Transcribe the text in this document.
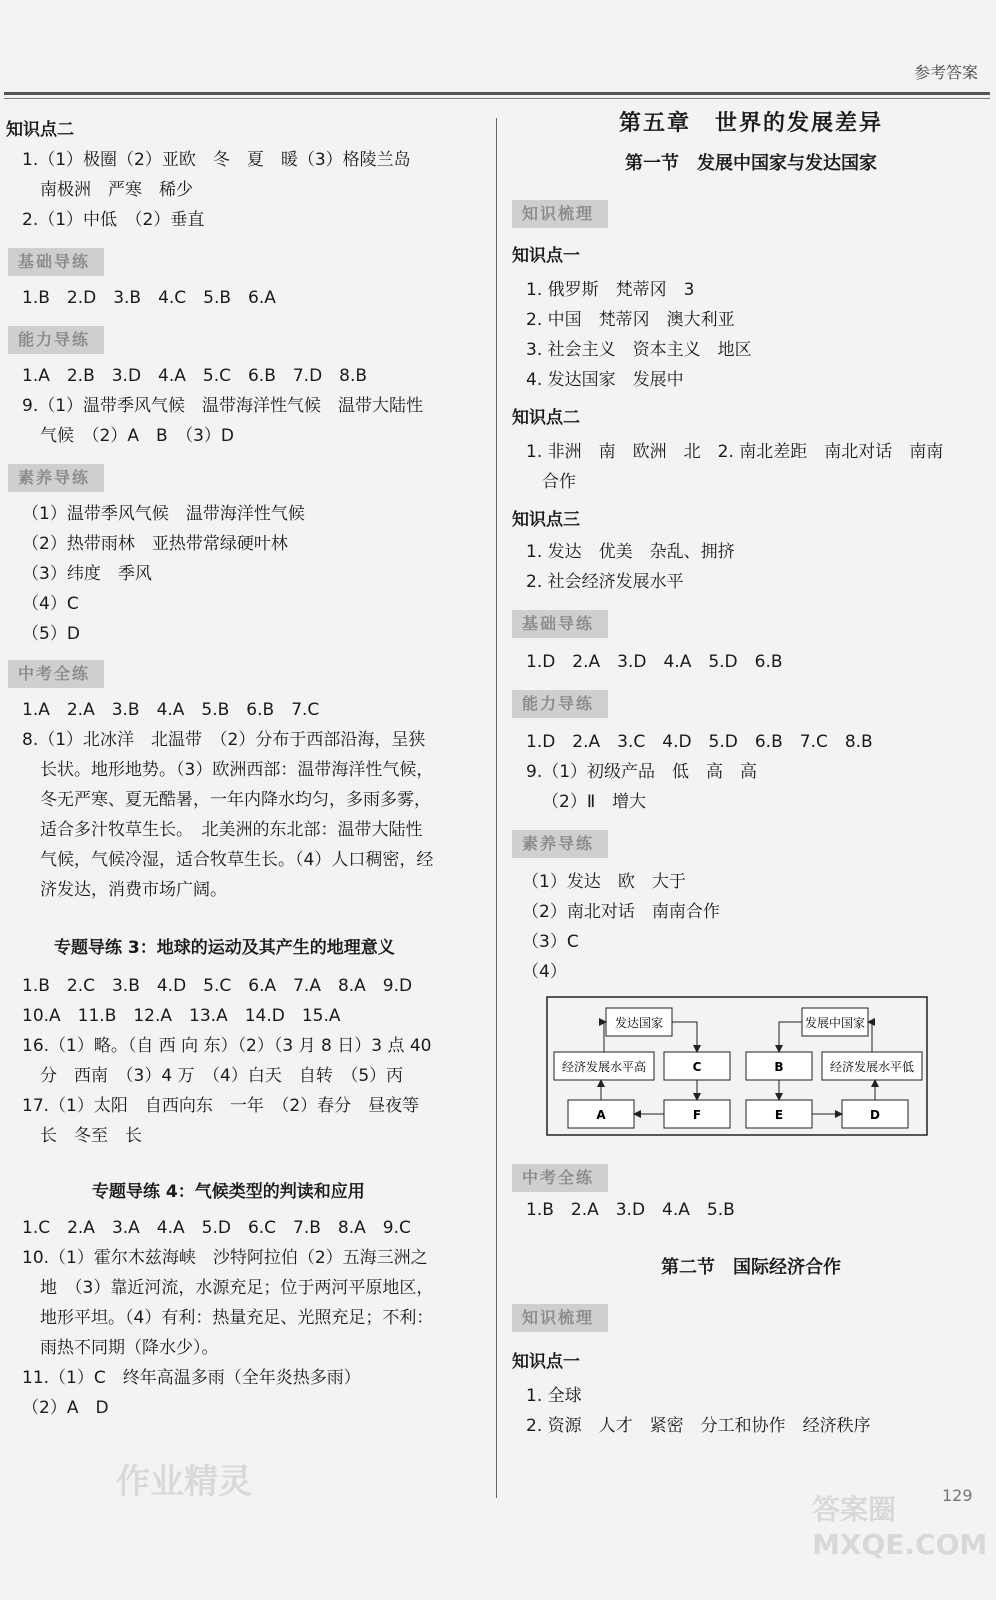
参考答案
知识点二
1.（1）极圈（2）亚欧　冬　夏　暖（3）格陵兰岛
南极洲　严寒　稀少
2.（1）中低　（2）垂直
基础导练
1.B　2.D　3.B　4.C　5.B　6.A
能力导练
1.A　2.B　3.D　4.A　5.C　6.B　7.D　8.B
9.（1）温带季风气候　温带海洋性气候　温带大陆性
气候　（2）A　B　（3）D
素养导练
（1）温带季风气候　温带海洋性气候
（2）热带雨林　亚热带常绿硬叶林
（3）纬度　季风
（4）C
（5）D
中考全练
1.A　2.A　3.B　4.A　5.B　6.B　7.C
8.（1）北冰洋　北温带　（2）分布于西部沿海，呈狭
长状。地形地势。（3）欧洲西部：温带海洋性气候，
冬无严寒、夏无酷暑，一年内降水均匀，多雨多雾，
适合多汁牧草生长。　北美洲的东北部：温带大陆性
气候，气候冷湿，适合牧草生长。（4）人口稠密，经
济发达，消费市场广阔。
专题导练 3：地球的运动及其产生的地理意义
1.B　2.C　3.B　4.D　5.C　6.A　7.A　8.A　9.D
10.A　11.B　12.A　13.A　14.D　15.A
16.（1）略。（自 西 向 东）（2）（3 月 8 日）3 点 40
分　西南　（3）4 万　（4）白天　自转　（5）丙
17.（1）太阳　自西向东　一年　（2）春分　昼夜等
长　冬至　长
专题导练 4：气候类型的判读和应用
1.C　2.A　3.A　4.A　5.D　6.C　7.B　8.A　9.C
10.（1）霍尔木兹海峡　沙特阿拉伯（2）五海三洲之
地　（3）靠近河流，水源充足；位于两河平原地区，
地形平坦。（4）有利：热量充足、光照充足；不利：
雨热不同期（降水少）。
11.（1）C　终年高温多雨（全年炎热多雨）
（2）A　D
作业精灵
第五章　世界的发展差异
第一节　发展中国家与发达国家
知识梳理
知识点一
1. 俄罗斯　梵蒂冈　3
2. 中国　梵蒂冈　澳大利亚
3. 社会主义　资本主义　地区
4. 发达国家　发展中
知识点二
1. 非洲　南　欧洲　北　2. 南北差距　南北对话　南南
合作
知识点三
1. 发达　优美　杂乱、拥挤
2. 社会经济发展水平
基础导练
1.D　2.A　3.D　4.A　5.D　6.B
能力导练
1.D　2.A　3.C　4.D　5.D　6.B　7.C　8.B
9.（1）初级产品　低　高　高
（2）Ⅱ　增大
素养导练
（1）发达　欧　大于
（2）南北对话　南南合作
（3）C
（4）
发达国家
经济发展水平高	C
A	F
发展中国家
B	经济发展水平低
E	D
中考全练
1.B　2.A　3.D　4.A　5.B
第二节　国际经济合作
知识梳理
知识点一
1. 全球
2. 资源　人才　紧密　分工和协作　经济秩序
答案圈 MXQE.COM
129
